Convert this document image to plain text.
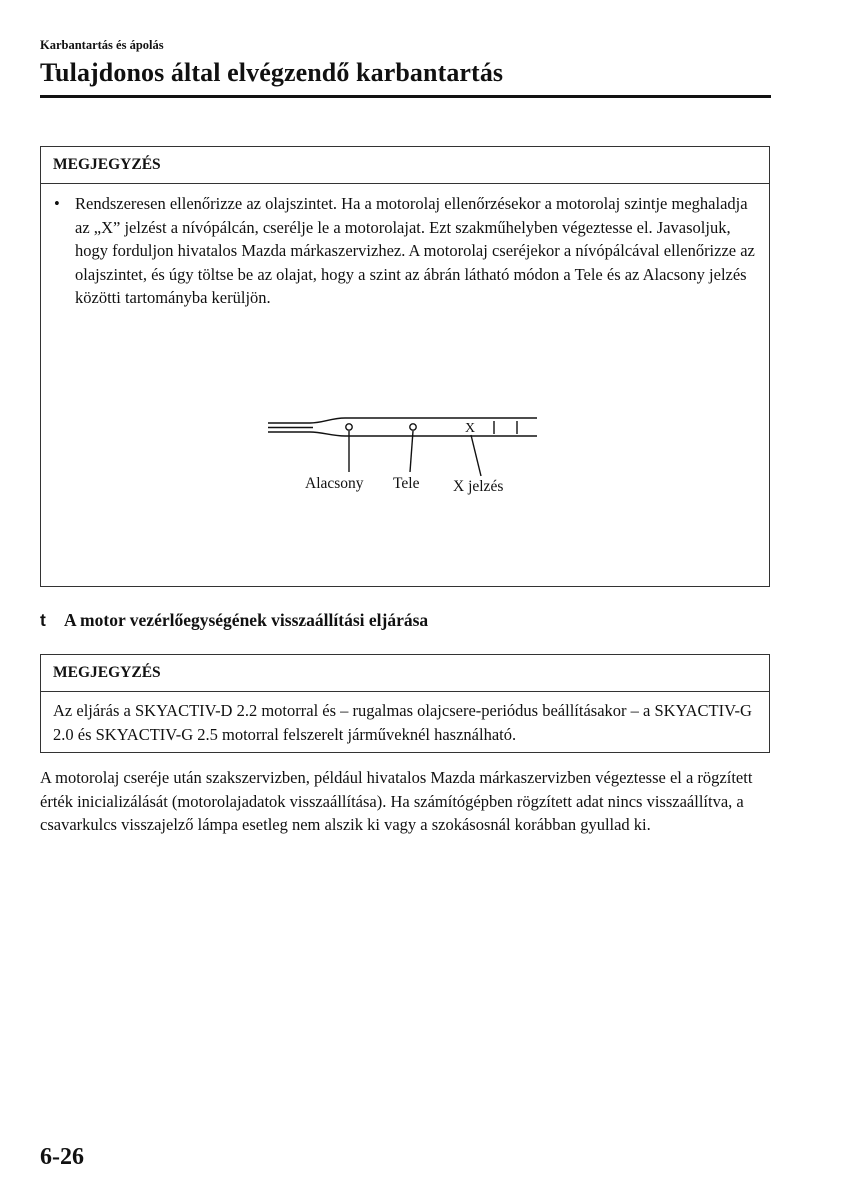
Karbantartás és ápolás
Tulajdonos által elvégzendő karbantartás
MEGJEGYZÉS
• Rendszeresen ellenőrizze az olajszintet. Ha a motorolaj ellenőrzésekor a motorolaj szintje meghaladja az „X” jelzést a nívópálcán, cserélje le a motorolajat. Ezt szakműhelyben végeztesse el. Javasoljuk, hogy forduljon hivatalos Mazda márkaszervizhez. A motorolaj cseréjekor a nívópálcával ellenőrizze az olajszintet, és úgy töltse be az olajat, hogy a szint az ábrán látható módon a Tele és az Alacsony jelzés közötti tartományba kerüljön.
X
Alacsony Tele X jelzés
t	A motor vezérlőegységének visszaállítási eljárása
MEGJEGYZÉS
Az eljárás a SKYACTIV-D 2.2 motorral és – rugalmas olajcsere-periódus beállításakor – a SKYACTIV-G 2.0 és SKYACTIV-G 2.5 motorral felszerelt járműveknél használható.

A motorolaj cseréje után szakszervizben, például hivatalos Mazda márkaszervizben végeztesse el a rögzített érték inicializálását (motorolajadatok visszaállítása). Ha számítógépben rögzített adat nincs visszaállítva, a csavarkulcs visszajelző lámpa esetleg nem alszik ki vagy a szokásosnál korábban gyullad ki.

6-26
